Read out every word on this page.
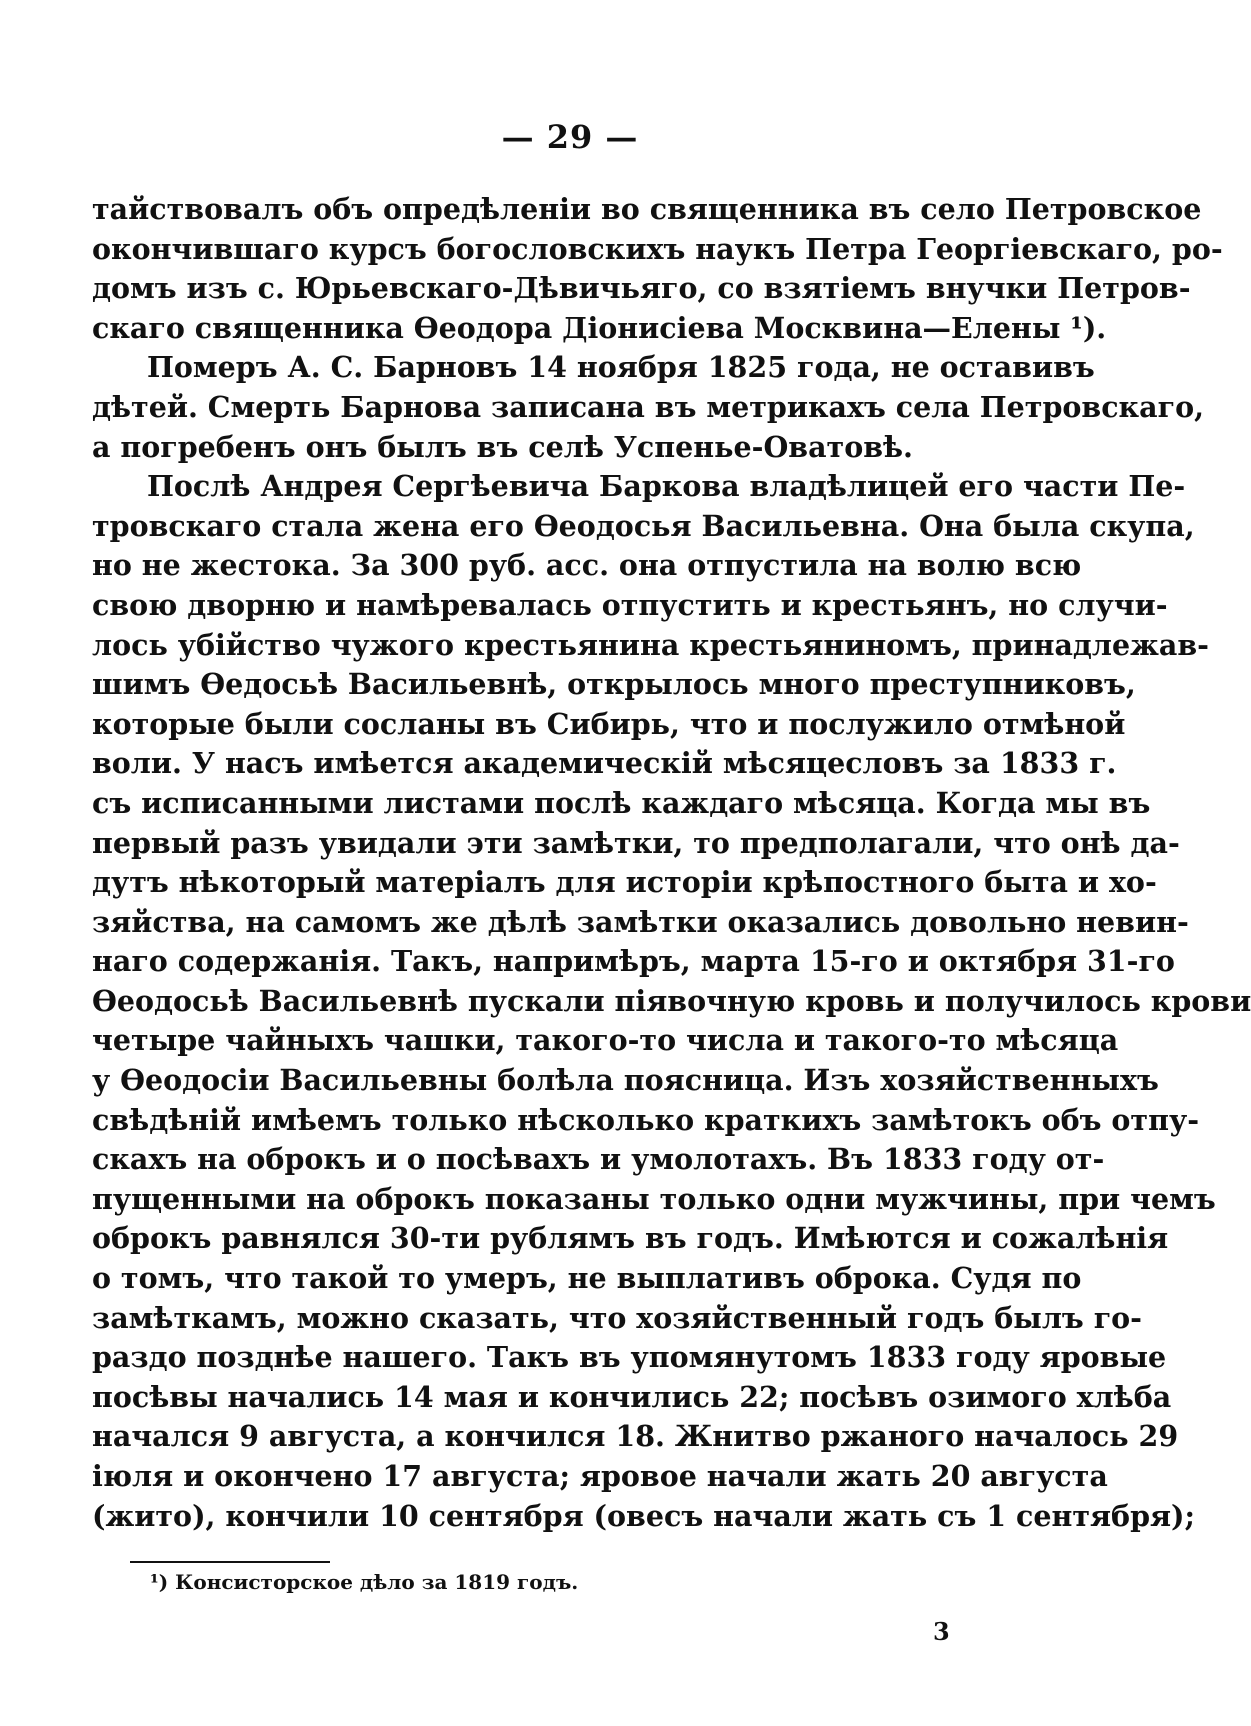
— 29 —
тайствовалъ объ опредѣленіи во священника въ село Петровское
окончившаго курсъ богословскихъ наукъ Петра Георгіевскаго, ро-
домъ изъ с. Юрьевскаго-Дѣвичьяго, со взятіемъ внучки Петров-
скаго священника Ѳеодора Діонисіева Москвина—Елены ¹).
Померъ А. С. Барновъ 14 ноября 1825 года, не оставивъ
дѣтей. Смерть Барнова записана въ метрикахъ села Петровскаго,
а погребенъ онъ былъ въ селѣ Успенье-Оватовѣ.
Послѣ Андрея Сергѣевича Баркова владѣлицей его части Пе-
тровскаго стала жена его Ѳеодосья Васильевна. Она была скупа,
но не жестока. За 300 руб. асс. она отпустила на волю всю
свою дворню и намѣревалась отпустить и крестьянъ, но случи-
лось убійство чужого крестьянина крестьяниномъ, принадлежав-
шимъ Ѳедосьѣ Васильевнѣ, открылось много преступниковъ,
которые были сосланы въ Сибирь, что и послужило отмѣной
воли. У насъ имѣется академическій мѣсяцесловъ за 1833 г.
съ исписанными листами послѣ каждаго мѣсяца. Когда мы въ
первый разъ увидали эти замѣтки, то предполагали, что онѣ да-
дутъ нѣкоторый матеріалъ для исторіи крѣпостного быта и хо-
зяйства, на самомъ же дѣлѣ замѣтки оказались довольно невин-
наго содержанія. Такъ, напримѣръ, марта 15-го и октября 31-го
Ѳеодосьѣ Васильевнѣ пускали піявочную кровь и получилось крови
четыре чайныхъ чашки, такого-то числа и такого-то мѣсяца
у Ѳеодосіи Васильевны болѣла поясница. Изъ хозяйственныхъ
свѣдѣній имѣемъ только нѣсколько краткихъ замѣтокъ объ отпу-
скахъ на оброкъ и о посѣвахъ и умолотахъ. Въ 1833 году от-
пущенными на оброкъ показаны только одни мужчины, при чемъ
оброкъ равнялся 30-ти рублямъ въ годъ. Имѣются и сожалѣнія
о томъ, что такой то умеръ, не выплативъ оброка. Судя по
замѣткамъ, можно сказать, что хозяйственный годъ былъ го-
раздо позднѣе нашего. Такъ въ упомянутомъ 1833 году яровые
посѣвы начались 14 мая и кончились 22; посѣвъ озимого хлѣба
начался 9 августа, а кончился 18. Жнитво ржаного началось 29
іюля и окончено 17 августа; яровое начали жать 20 августа
(жито), кончили 10 сентября (овесъ начали жать съ 1 сентября);
¹) Консисторское дѣло за 1819 годъ.
3
